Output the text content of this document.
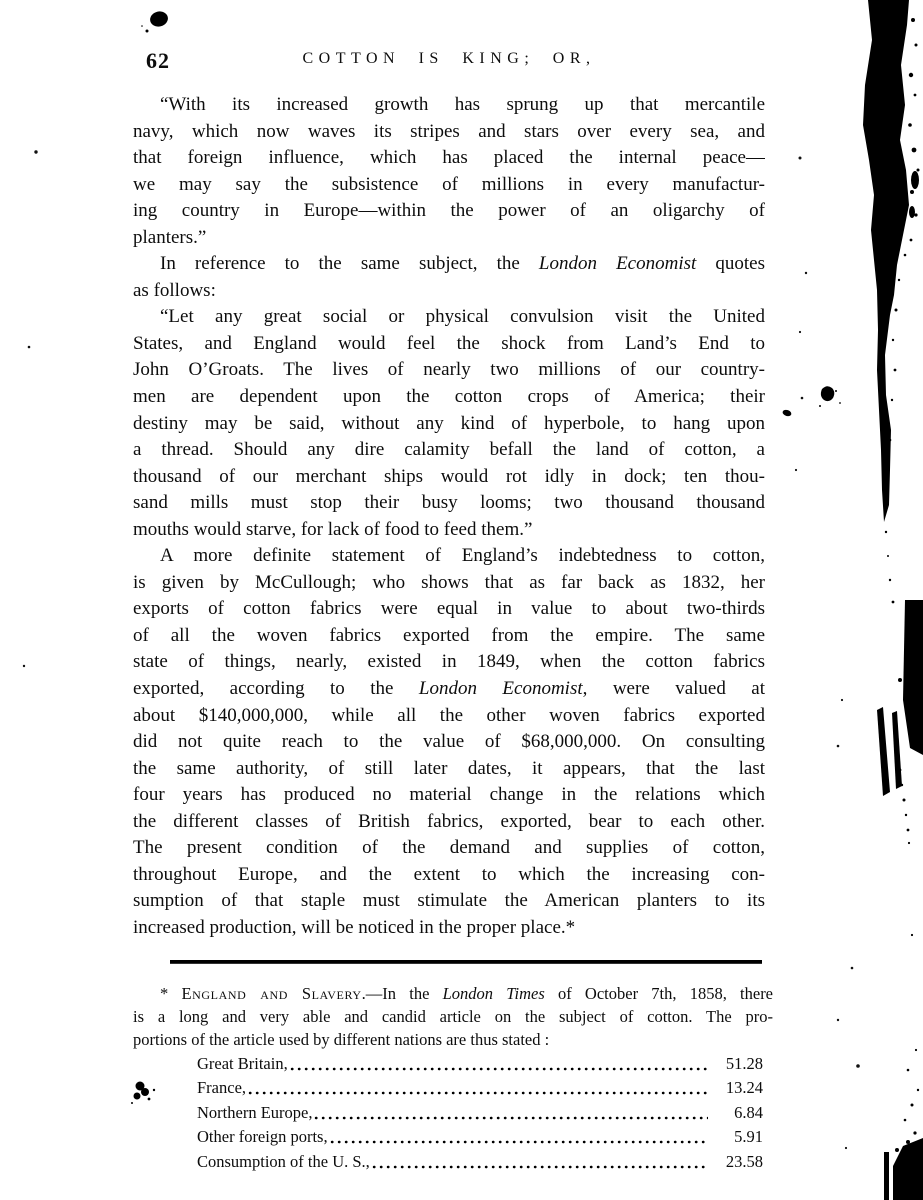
62	COTTON IS KING; OR,
“With its increased growth has sprung up that mercantile
navy, which now waves its stripes and stars over every sea, and
that foreign influence, which has placed the internal peace—
we may say the subsistence of millions in every manufactur-
ing country in Europe—within the power of an oligarchy of
planters.”
In reference to the same subject, the London Economist quotes
as follows:
“Let any great social or physical convulsion visit the United
States, and England would feel the shock from Land’s End to
John O’Groats. The lives of nearly two millions of our country-
men are dependent upon the cotton crops of America; their
destiny may be said, without any kind of hyperbole, to hang upon
a thread. Should any dire calamity befall the land of cotton, a
thousand of our merchant ships would rot idly in dock; ten thou-
sand mills must stop their busy looms; two thousand thousand
mouths would starve, for lack of food to feed them.”
A more definite statement of England’s indebtedness to cotton,
is given by McCullough; who shows that as far back as 1832, her
exports of cotton fabrics were equal in value to about two-thirds
of all the woven fabrics exported from the empire. The same
state of things, nearly, existed in 1849, when the cotton fabrics
exported, according to the London Economist, were valued at
about $140,000,000, while all the other woven fabrics exported
did not quite reach to the value of $68,000,000. On consulting
the same authority, of still later dates, it appears, that the last
four years has produced no material change in the relations which
the different classes of British fabrics, exported, bear to each other.
The present condition of the demand and supplies of cotton,
throughout Europe, and the extent to which the increasing con-
sumption of that staple must stimulate the American planters to its
increased production, will be noticed in the proper place.*
* England and Slavery.—In the London Times of October 7th, 1858, there
is a long and very able and candid article on the subject of cotton. The pro-
portions of the article used by different nations are thus stated :
Great Britain,	51.28
France,	13.24
Northern Europe,	6.84
Other foreign ports,	5.91
Consumption of the U. S.,	23.58
